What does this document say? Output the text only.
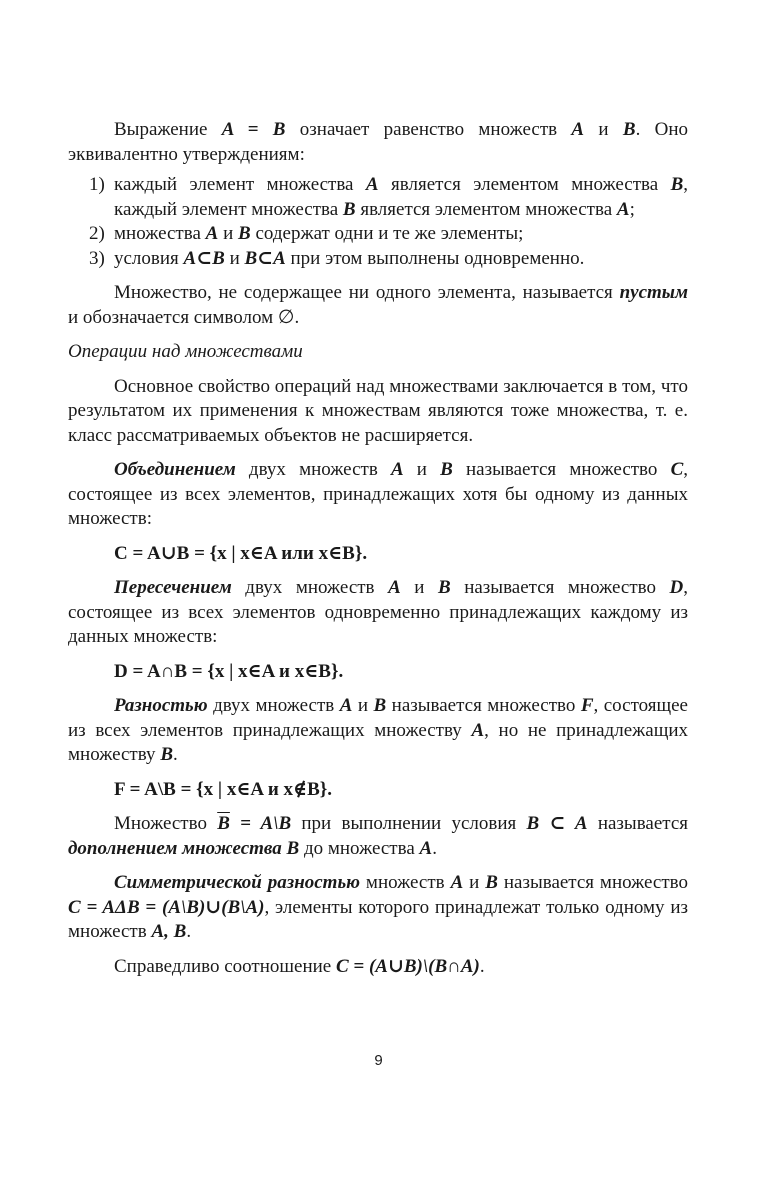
Выражение A = B означает равенство множеств A и B. Оно эквивалентно утверждениям:

1) каждый элемент множества A является элементом множества B, каждый элемент множества B является элементом множества A;
2) множества A и B содержат одни и те же элементы;
3) условия A⊂B и B⊂A при этом выполнены одновременно.

Множество, не содержащее ни одного элемента, называется пустым и обозначается символом ∅.

Операции над множествами

Основное свойство операций над множествами заключается в том, что результатом их применения к множествам являются тоже множества, т. е. класс рассматриваемых объектов не расширяется.

Объединением двух множеств A и B называется множество C, состоящее из всех элементов, принадлежащих хотя бы одному из данных множеств:

C = A∪B = {x | x∈A или x∈B}.

Пересечением двух множеств A и B называется множество D, состоящее из всех элементов одновременно принадлежащих каждому из данных множеств:

D = A∩B = {x | x∈A и x∈B}.

Разностью двух множеств A и B называется множество F, состоящее из всех элементов принадлежащих множеству A, но не принадлежащих множеству B.

F = A\B = {x | x∈A и x∉B}.

Множество $\overline{B}$ = A\B при выполнении условия B ⊂ A называется дополнением множества B до множества A.

Симметрической разностью множеств A и B называется множество C = AΔB = (A\B)∪(B\A), элементы которого принадлежат только одному из множеств A, B.

Справедливо соотношение C = (A∪B)\(B∩A).

9
